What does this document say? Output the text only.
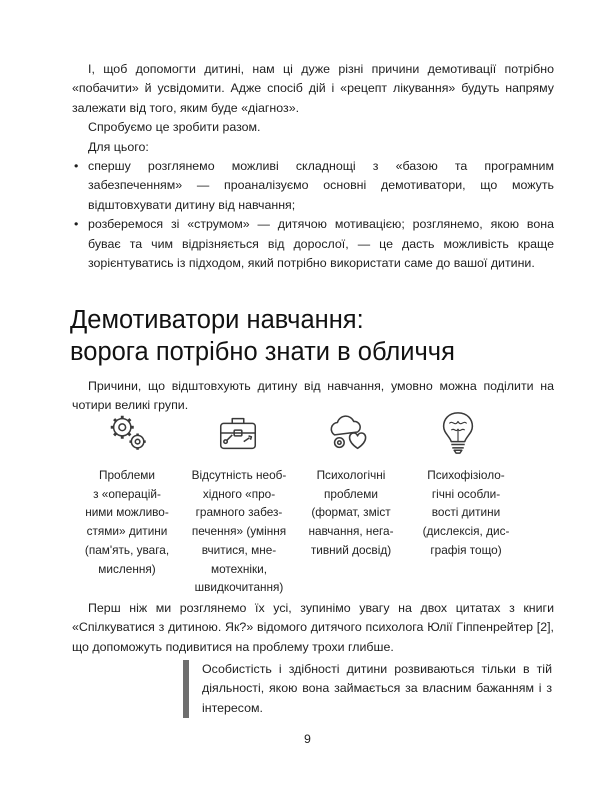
І, щоб допомогти дитині, нам ці дуже різні причини демотивації потрібно «побачити» й усвідомити. Адже спосіб дій і «рецепт лікування» будуть напряму залежати від того, яким буде «діагноз».

Спробуємо це зробити разом.

Для цього:

• спершу розглянемо можливі складнощі з «базою та програмним забезпеченням» — проаналізуємо основні демотиватори, що можуть відштовхувати дитину від навчання;
• розберемося зі «струмом» — дитячою мотивацією; розглянемо, якою вона буває та чим відрізняється від дорослої, — це дасть можливість краще зорієнтуватись із підходом, який потрібно використати саме до вашої дитини.
Демотиватори навчання:
ворога потрібно знати в обличчя

Причини, що відштовхують дитину від навчання, умовно можна поділити на чотири великі групи.

Проблеми
з «операцій-
ними можливо-
стями» дитини
(пам'ять, увага,
мислення)
Відсутність необ-
хідного «про-
грамного забез-
печення» (уміння
вчитися, мне-
мотехніки,
швидкочитання)
Психологічні
проблеми
(формат, зміст
навчання, нега-
тивний досвід)
Психофізіоло-
гічні особли-
вості дитини
(дислексія, дис-
графія тощо)

Перш ніж ми розглянемо їх усі, зупинімо увагу на двох цитатах з книги «Спілкуватися з дитиною. Як?» відомого дитячого психолога Юлії Гіппенрейтер [2], що допоможуть подивитися на проблему трохи глибше.

Особистість і здібності дитини розвиваються тільки в тій діяльності, якою вона займається за власним бажанням і з інтересом.

9
